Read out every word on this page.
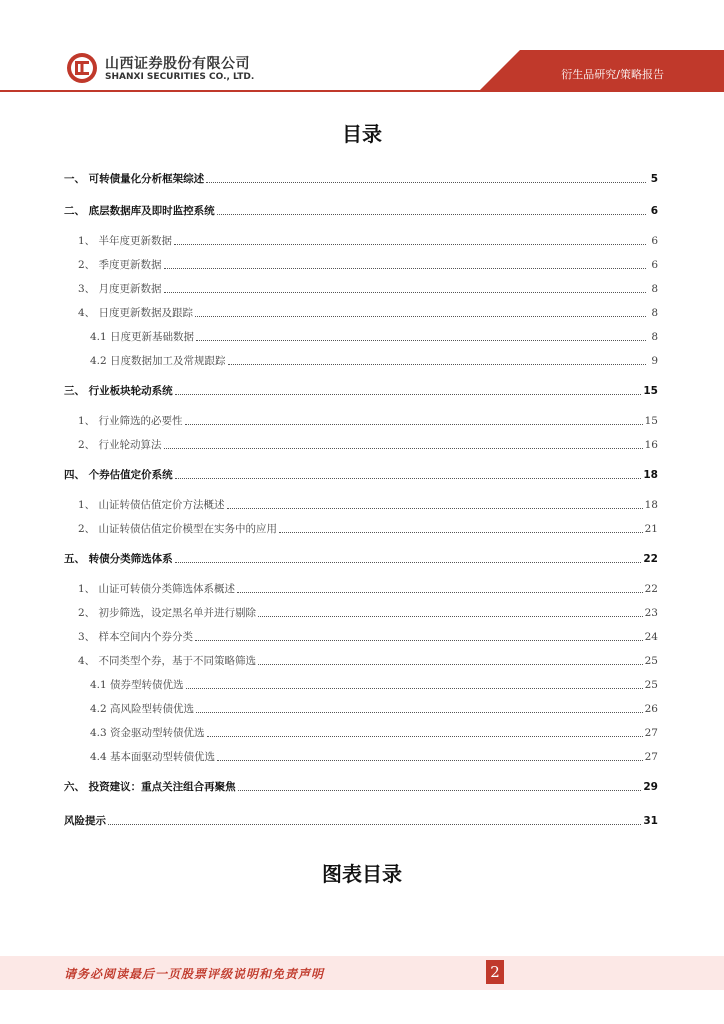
山西证券股份有限公司
SHANXI SECURITIES CO., LTD.	衍生品研究/策略报告
目录
一、 可转债量化分析框架综述	5
二、 底层数据库及即时监控系统	6
1、 半年度更新数据	6
2、 季度更新数据	6
3、 月度更新数据	8
4、 日度更新数据及跟踪	8
4.1 日度更新基础数据	8
4.2 日度数据加工及常规跟踪	9
三、 行业板块轮动系统	15
1、 行业筛选的必要性	15
2、 行业轮动算法	16
四、 个券估值定价系统	18
1、 山证转债估值定价方法概述	18
2、 山证转债估值定价模型在实务中的应用	21
五、 转债分类筛选体系	22
1、 山证可转债分类筛选体系概述	22
2、 初步筛选，设定黑名单并进行剔除	23
3、 样本空间内个券分类	24
4、 不同类型个券，基于不同策略筛选	25
4.1 债券型转债优选	25
4.2 高风险型转债优选	26
4.3 资金驱动型转债优选	27
4.4 基本面驱动型转债优选	27
六、 投资建议：重点关注组合再聚焦	29
风险提示	31
图表目录
请务必阅读最后一页股票评级说明和免责声明	2
